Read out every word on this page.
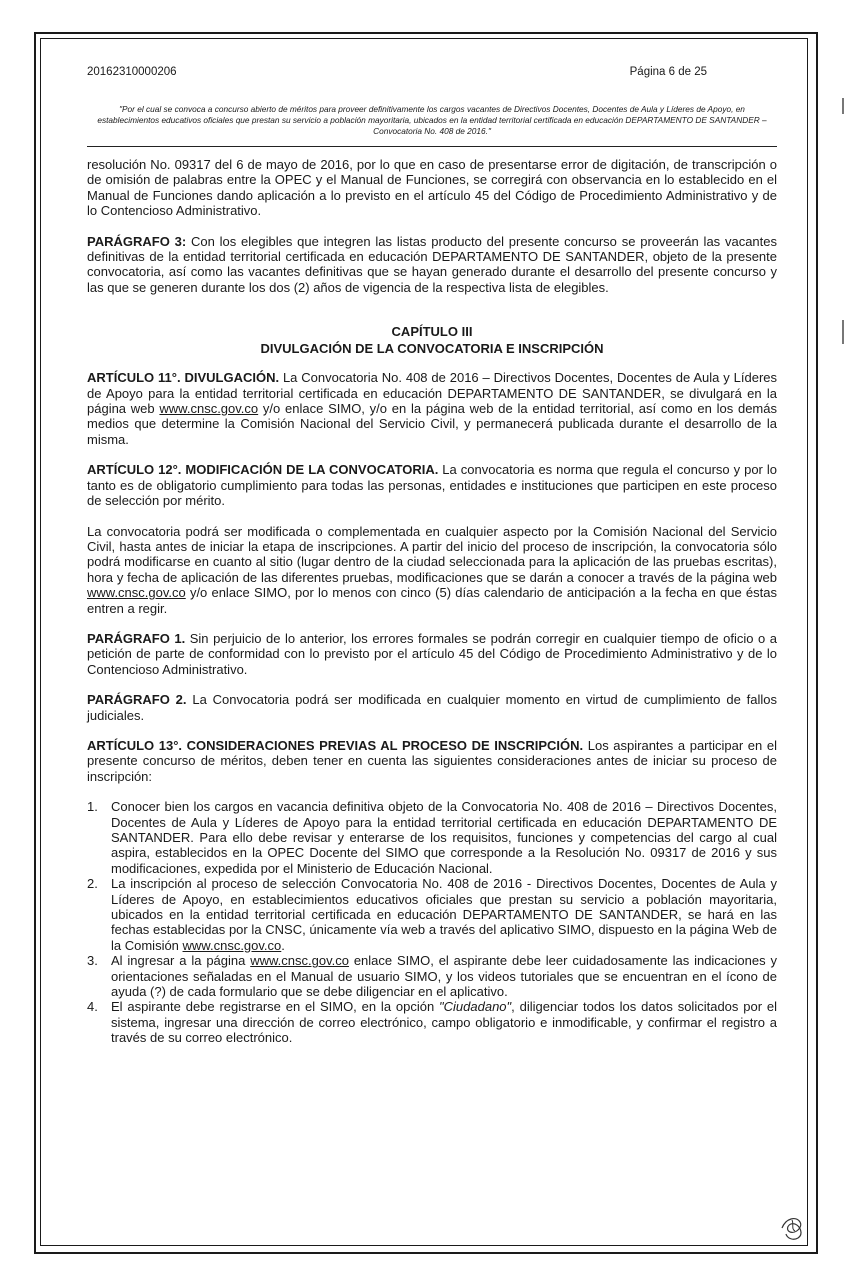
20162310000206	Página 6 de 25
"Por el cual se convoca a concurso abierto de méritos para proveer definitivamente los cargos vacantes de Directivos Docentes, Docentes de Aula y Líderes de Apoyo, en establecimientos educativos oficiales que prestan su servicio a población mayoritaria, ubicados en la entidad territorial certificada en educación DEPARTAMENTO DE SANTANDER – Convocatoria No. 408 de 2016."

resolución No. 09317 del 6 de mayo de 2016, por lo que en caso de presentarse error de digitación, de transcripción o de omisión de palabras entre la OPEC y el Manual de Funciones, se corregirá con observancia en lo establecido en el Manual de Funciones dando aplicación a lo previsto en el artículo 45 del Código de Procedimiento Administrativo y de lo Contencioso Administrativo.

PARÁGRAFO 3: Con los elegibles que integren las listas producto del presente concurso se proveerán las vacantes definitivas de la entidad territorial certificada en educación DEPARTAMENTO DE SANTANDER, objeto de la presente convocatoria, así como las vacantes definitivas que se hayan generado durante el desarrollo del presente concurso y las que se generen durante los dos (2) años de vigencia de la respectiva lista de elegibles.

CAPÍTULO III
DIVULGACIÓN DE LA CONVOCATORIA E INSCRIPCIÓN

ARTÍCULO 11°. DIVULGACIÓN. La Convocatoria No. 408 de 2016 – Directivos Docentes, Docentes de Aula y Líderes de Apoyo para la entidad territorial certificada en educación DEPARTAMENTO DE SANTANDER, se divulgará en la página web www.cnsc.gov.co y/o enlace SIMO, y/o en la página web de la entidad territorial, así como en los demás medios que determine la Comisión Nacional del Servicio Civil, y permanecerá publicada durante el desarrollo de la misma.

ARTÍCULO 12°. MODIFICACIÓN DE LA CONVOCATORIA. La convocatoria es norma que regula el concurso y por lo tanto es de obligatorio cumplimiento para todas las personas, entidades e instituciones que participen en este proceso de selección por mérito.

La convocatoria podrá ser modificada o complementada en cualquier aspecto por la Comisión Nacional del Servicio Civil, hasta antes de iniciar la etapa de inscripciones. A partir del inicio del proceso de inscripción, la convocatoria sólo podrá modificarse en cuanto al sitio (lugar dentro de la ciudad seleccionada para la aplicación de las pruebas escritas), hora y fecha de aplicación de las diferentes pruebas, modificaciones que se darán a conocer a través de la página web www.cnsc.gov.co y/o enlace SIMO, por lo menos con cinco (5) días calendario de anticipación a la fecha en que éstas entren a regir.

PARÁGRAFO 1. Sin perjuicio de lo anterior, los errores formales se podrán corregir en cualquier tiempo de oficio o a petición de parte de conformidad con lo previsto por el artículo 45 del Código de Procedimiento Administrativo y de lo Contencioso Administrativo.

PARÁGRAFO 2. La Convocatoria podrá ser modificada en cualquier momento en virtud de cumplimiento de fallos judiciales.

ARTÍCULO 13°. CONSIDERACIONES PREVIAS AL PROCESO DE INSCRIPCIÓN. Los aspirantes a participar en el presente concurso de méritos, deben tener en cuenta las siguientes consideraciones antes de iniciar su proceso de inscripción:

1. Conocer bien los cargos en vacancia definitiva objeto de la Convocatoria No. 408 de 2016 – Directivos Docentes, Docentes de Aula y Líderes de Apoyo para la entidad territorial certificada en educación DEPARTAMENTO DE SANTANDER. Para ello debe revisar y enterarse de los requisitos, funciones y competencias del cargo al cual aspira, establecidos en la OPEC Docente del SIMO que corresponde a la Resolución No. 09317 de 2016 y sus modificaciones, expedida por el Ministerio de Educación Nacional.
2. La inscripción al proceso de selección Convocatoria No. 408 de 2016 - Directivos Docentes, Docentes de Aula y Líderes de Apoyo, en establecimientos educativos oficiales que prestan su servicio a población mayoritaria, ubicados en la entidad territorial certificada en educación DEPARTAMENTO DE SANTANDER, se hará en las fechas establecidas por la CNSC, únicamente vía web a través del aplicativo SIMO, dispuesto en la página Web de la Comisión www.cnsc.gov.co.
3. Al ingresar a la página www.cnsc.gov.co enlace SIMO, el aspirante debe leer cuidadosamente las indicaciones y orientaciones señaladas en el Manual de usuario SIMO, y los videos tutoriales que se encuentran en el ícono de ayuda (?) de cada formulario que se debe diligenciar en el aplicativo.
4. El aspirante debe registrarse en el SIMO, en la opción "Ciudadano", diligenciar todos los datos solicitados por el sistema, ingresar una dirección de correo electrónico, campo obligatorio e inmodificable, y confirmar el registro a través de su correo electrónico.
